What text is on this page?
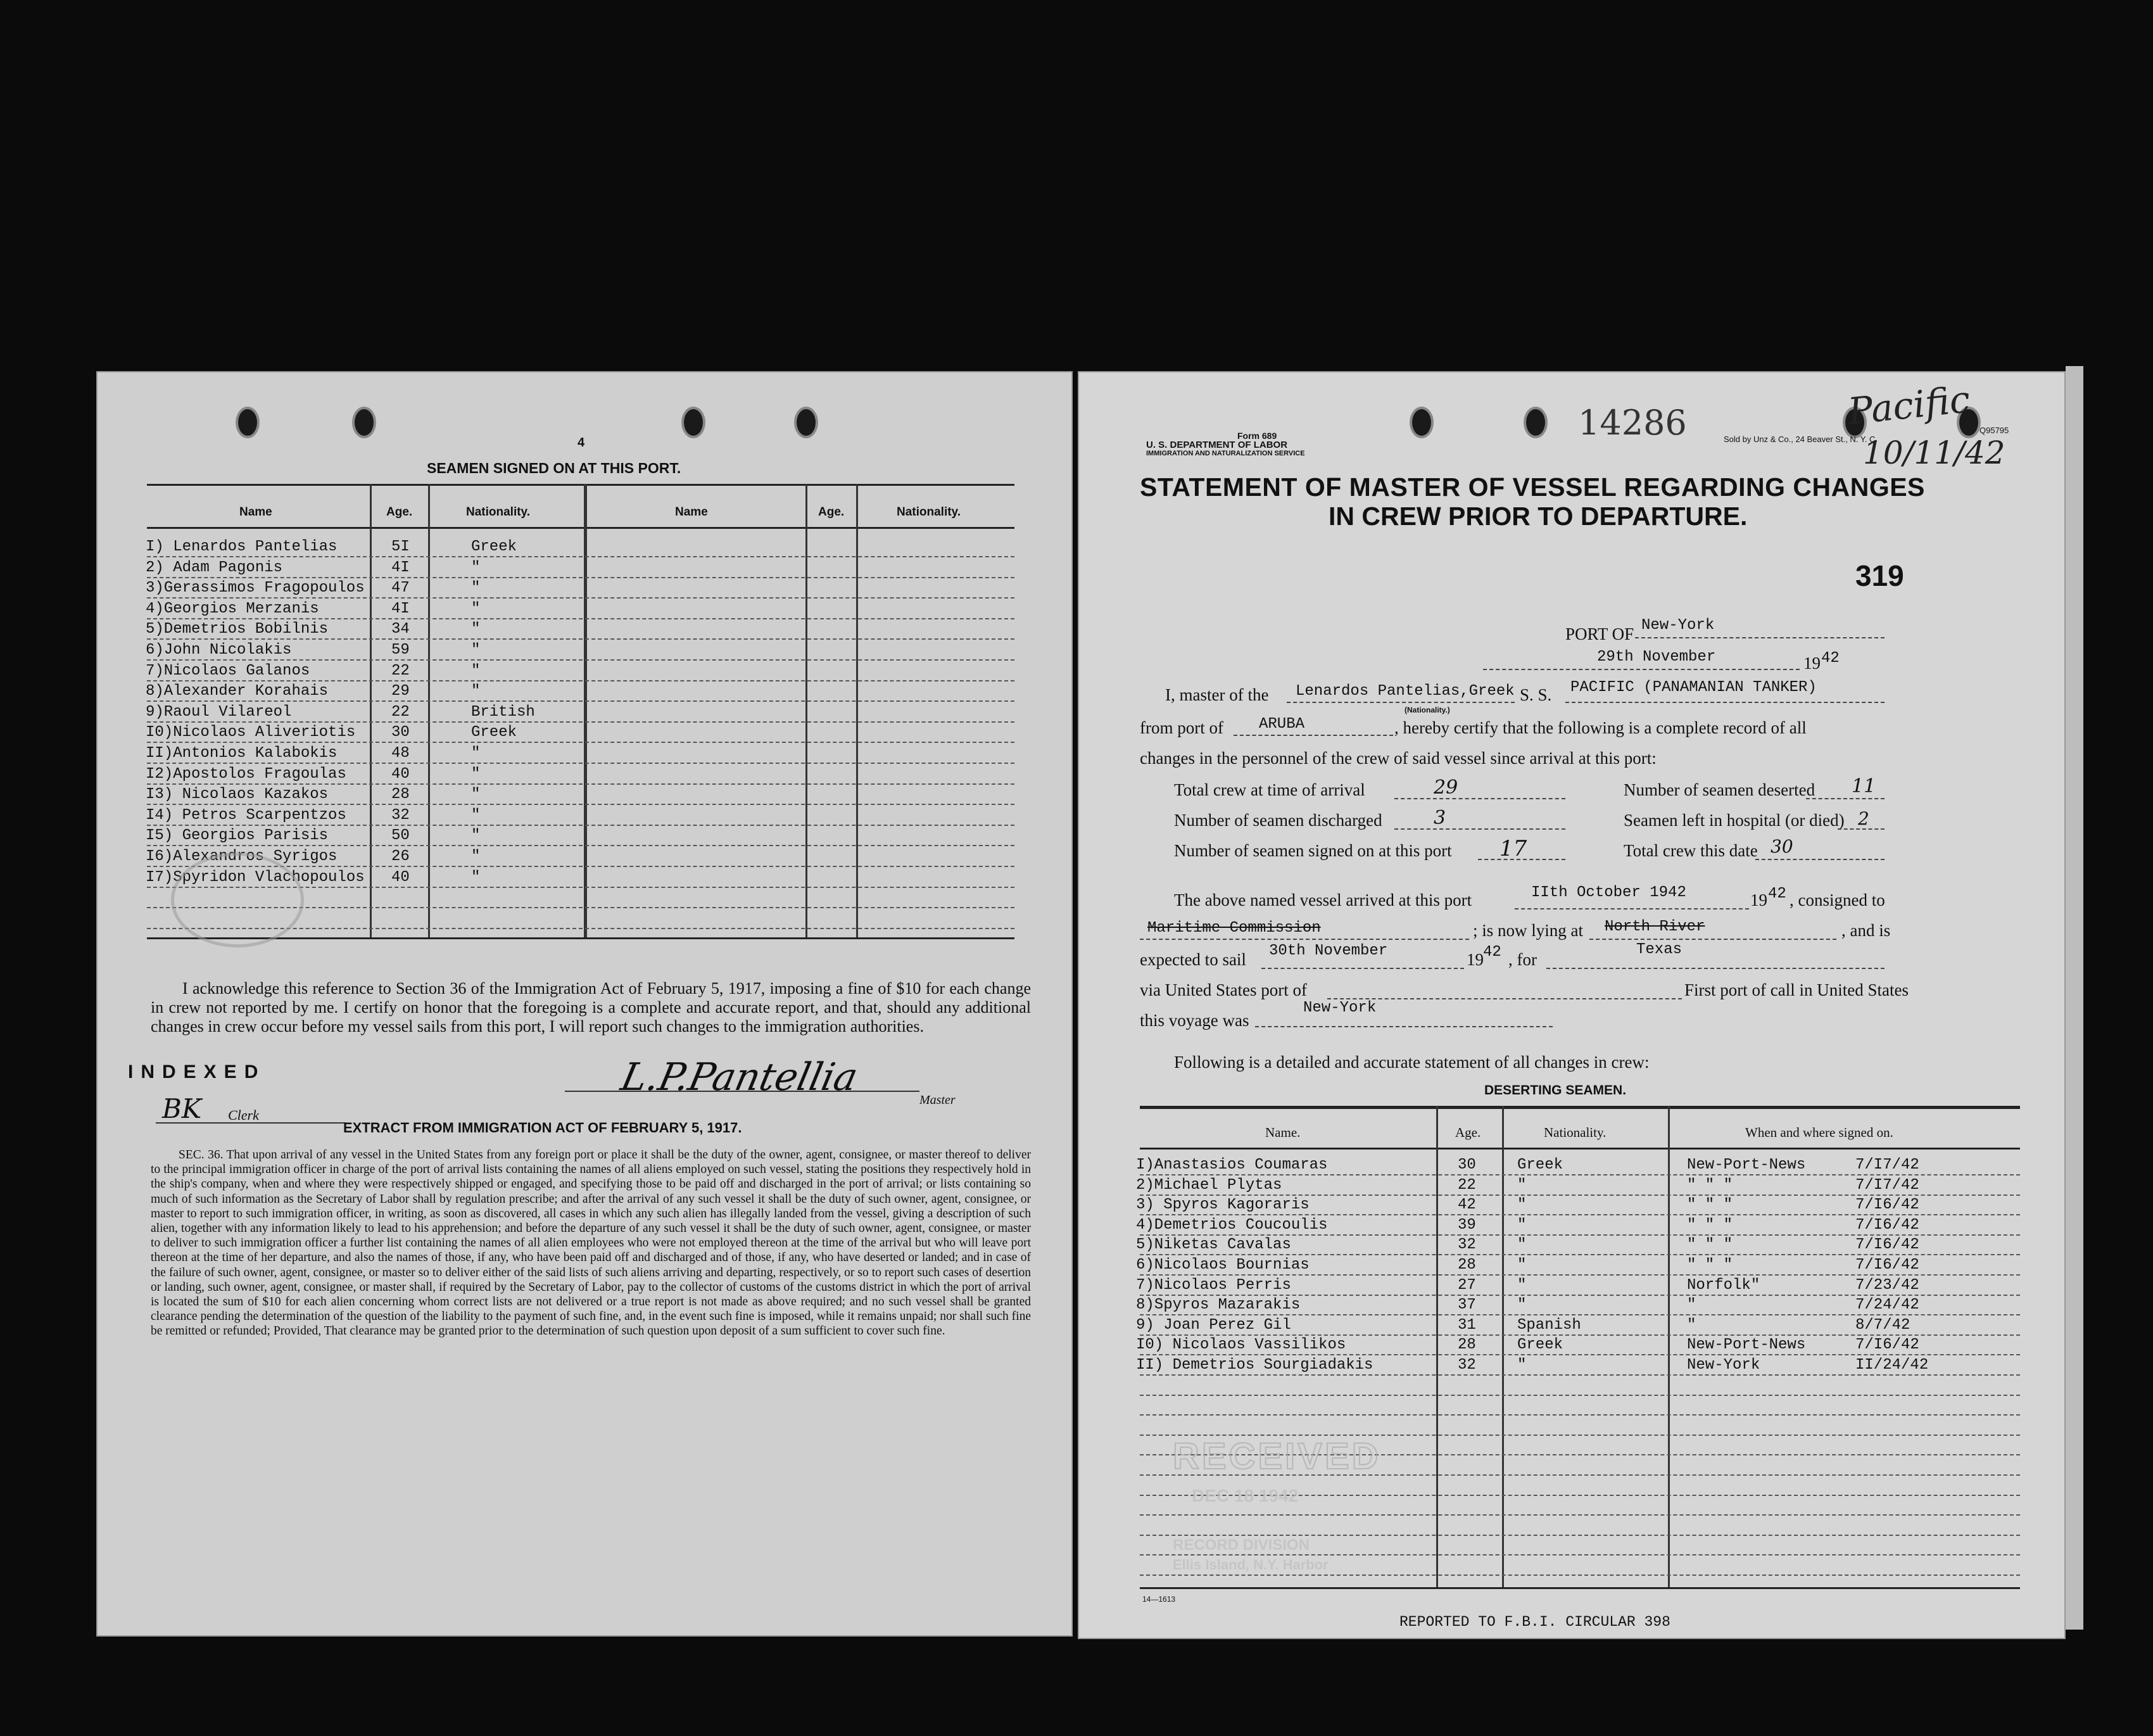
4
SEAMEN SIGNED ON AT THIS PORT.
Name	Age.	Nationality.	Name	Age.	Nationality.
I) Lenardos Pantelias	5I	Greek
2) Adam Pagonis	4I	"
3)Gerassimos Fragopoulos 47	"
4)Georgios Merzanis	4I	"
5)Demetrios Bobilnis	34	"
6)John Nicolakis	59	"
7)Nicolaos Galanos	22	"
8)Alexander Korahais	29	"
9)Raoul Vilareol	22	British
I0)Nicolaos Aliveriotis 30	Greek
II)Antonios Kalabokis	48	"
I2)Apostolos Fragoulas	40	"
I3) Nicolaos Kazakos	28	"
I4) Petros Scarpentzos	32	"
I5) Georgios Parisis	50	"
I6)Alexandros Syrigos	26	"
I7)Spyridon Vlachopoulos 40	"
I acknowledge this reference to Section 36 of the Immigration Act of February 5, 1917, imposing a fine of $10 for each change in crew not reported by me. I certify on honor that the foregoing is a complete and accurate report, and that, should any additional changes in crew occur before my vessel sails from this port, I will report such changes to the immigration authorities.
INDEXED	L.P.Pantellia
Master
BK Clerk
EXTRACT FROM IMMIGRATION ACT OF FEBRUARY 5, 1917.
SEC. 36. That upon arrival of any vessel in the United States from any foreign port or place it shall be the duty of the owner, agent, consignee, or master thereof to deliver to the principal immigration officer in charge of the port of arrival lists containing the names of all aliens employed on such vessel, stating the positions they respectively hold in the ship's company, when and where they were respectively shipped or engaged, and specifying those to be paid off and discharged in the port of arrival; or lists containing so much of such information as the Secretary of Labor shall by regulation prescribe; and after the arrival of any such vessel it shall be the duty of such owner, agent, consignee, or master to report to such immigration officer, in writing, as soon as discovered, all cases in which any such alien has illegally landed from the vessel, giving a description of such alien, together with any information likely to lead to his apprehension; and before the departure of any such vessel it shall be the duty of such owner, agent, consignee, or master to deliver to such immigration officer a further list containing the names of all alien employees who were not employed thereon at the time of the arrival but who will leave port thereon at the time of her departure, and also the names of those, if any, who have been paid off and discharged and of those, if any, who have deserted or landed; and in case of the failure of such owner, agent, consignee, or master so to deliver either of the said lists of such aliens arriving and departing, respectively, or so to report such cases of desertion or landing, such owner, agent, consignee, or master shall, if required by the Secretary of Labor, pay to the collector of customs of the customs district in which the port of arrival is located the sum of $10 for each alien concerning whom correct lists are not delivered or a true report is not made as above required; and no such vessel shall be granted clearance pending the determination of the question of the liability to the payment of such fine, and, in the event such fine is imposed, while it remains unpaid; nor shall such fine be remitted or refunded; Provided, That clearance may be granted prior to the determination of such question upon deposit of a sum sufficient to cover such fine.
Form 689
U. S. DEPARTMENT OF LABOR
IMMIGRATION AND NATURALIZATION SERVICE
14286	Sold by Unz & Co., 24 Beaver St., N. Y. C.
Q95795
Pacific
10/11/42
STATEMENT OF MASTER OF VESSEL REGARDING CHANGES
IN CREW PRIOR TO DEPARTURE.
319
PORT OF New-York
29th November	19 42
I, master of the Lenardos Pantelias,Greek
(Nationality.)
S. S. PACIFIC (PANAMANIAN TANKER)
from port of ARUBA	, hereby certify that the following is a complete record of all
changes in the personnel of the crew of said vessel since arrival at this port:
Total crew at time of arrival	29	Number of seamen deserted 11
Number of seamen discharged	3	Seamen left in hospital (or died) 2
Number of seamen signed on at this port 17	Total crew this date 30
The above named vessel arrived at this port	IIth October 1942	19 42 , consigned to
Maritime Commission	; is now lying at North River	, and is
expected to sail 30th November	19 42 , for
Texas
via United States port of	First port of call in United States
this voyage was
New-York
Following is a detailed and accurate statement of all changes in crew:
DESERTING SEAMEN.
Name.	Age.	Nationality.	When and where signed on.
I)Anastasios Coumaras	30	Greek	New-Port-News	7/I7/42
2)Michael Plytas	22	"	" " "	7/I7/42
3) Spyros Kagoraris	42	"	" " "	7/I6/42
4)Demetrios Coucoulis	39	"	" " "	7/I6/42
5)Niketas Cavalas	32	"	" " "	7/I6/42
6)Nicolaos Bournias	28	"	" " "	7/I6/42
7)Nicolaos Perris	27	"	Norfolk"	7/23/42
8)Spyros Mazarakis	37	"	"	7/24/42
9) Joan Perez Gil	31	Spanish	"	8/7/42
I0) Nicolaos Vassilikos	28	Greek	New-Port-News	7/I6/42
II) Demetrios Sourgiadakis	32	"	New-York	II/24/42
RECEIVED
DEC 18 1942
RECORD DIVISION
Ellis Island, N.Y. Harbor
14—1613
REPORTED TO F.B.I. CIRCULAR 398
